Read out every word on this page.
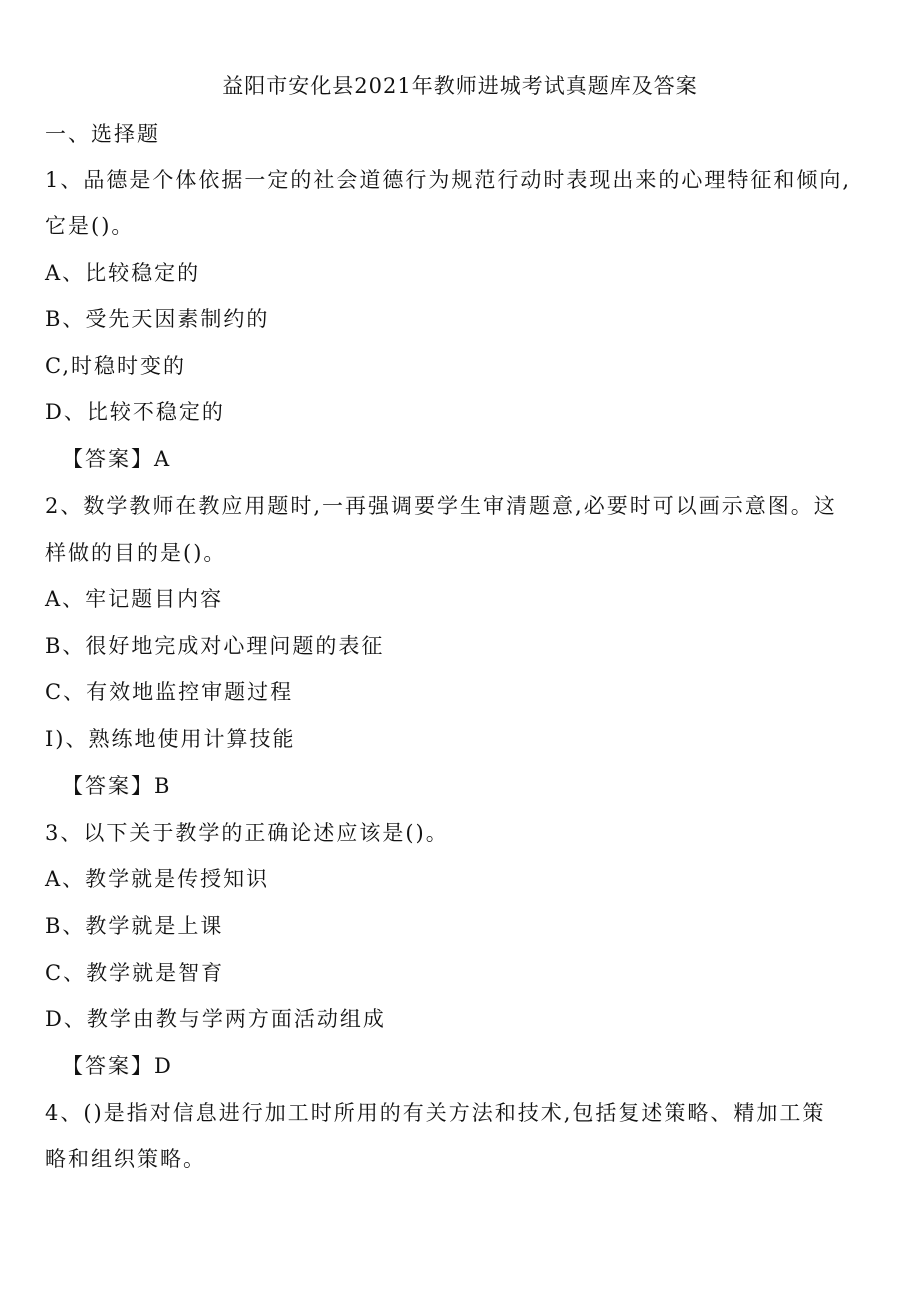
益阳市安化县2021年教师进城考试真题库及答案
一、选择题
1、品德是个体依据一定的社会道德行为规范行动时表现出来的心理特征和倾向,
它是()。
A、比较稳定的
B、受先天因素制约的
C,时稳时变的
D、比较不稳定的
【答案】A
2、数学教师在教应用题时,一再强调要学生审清题意,必要时可以画示意图。这
样做的目的是()。
A、牢记题目内容
B、很好地完成对心理问题的表征
C、有效地监控审题过程
I)、熟练地使用计算技能
【答案】B
3、以下关于教学的正确论述应该是()。
A、教学就是传授知识
B、教学就是上课
C、教学就是智育
D、教学由教与学两方面活动组成
【答案】D
4、()是指对信息进行加工时所用的有关方法和技术,包括复述策略、精加工策
略和组织策略。
